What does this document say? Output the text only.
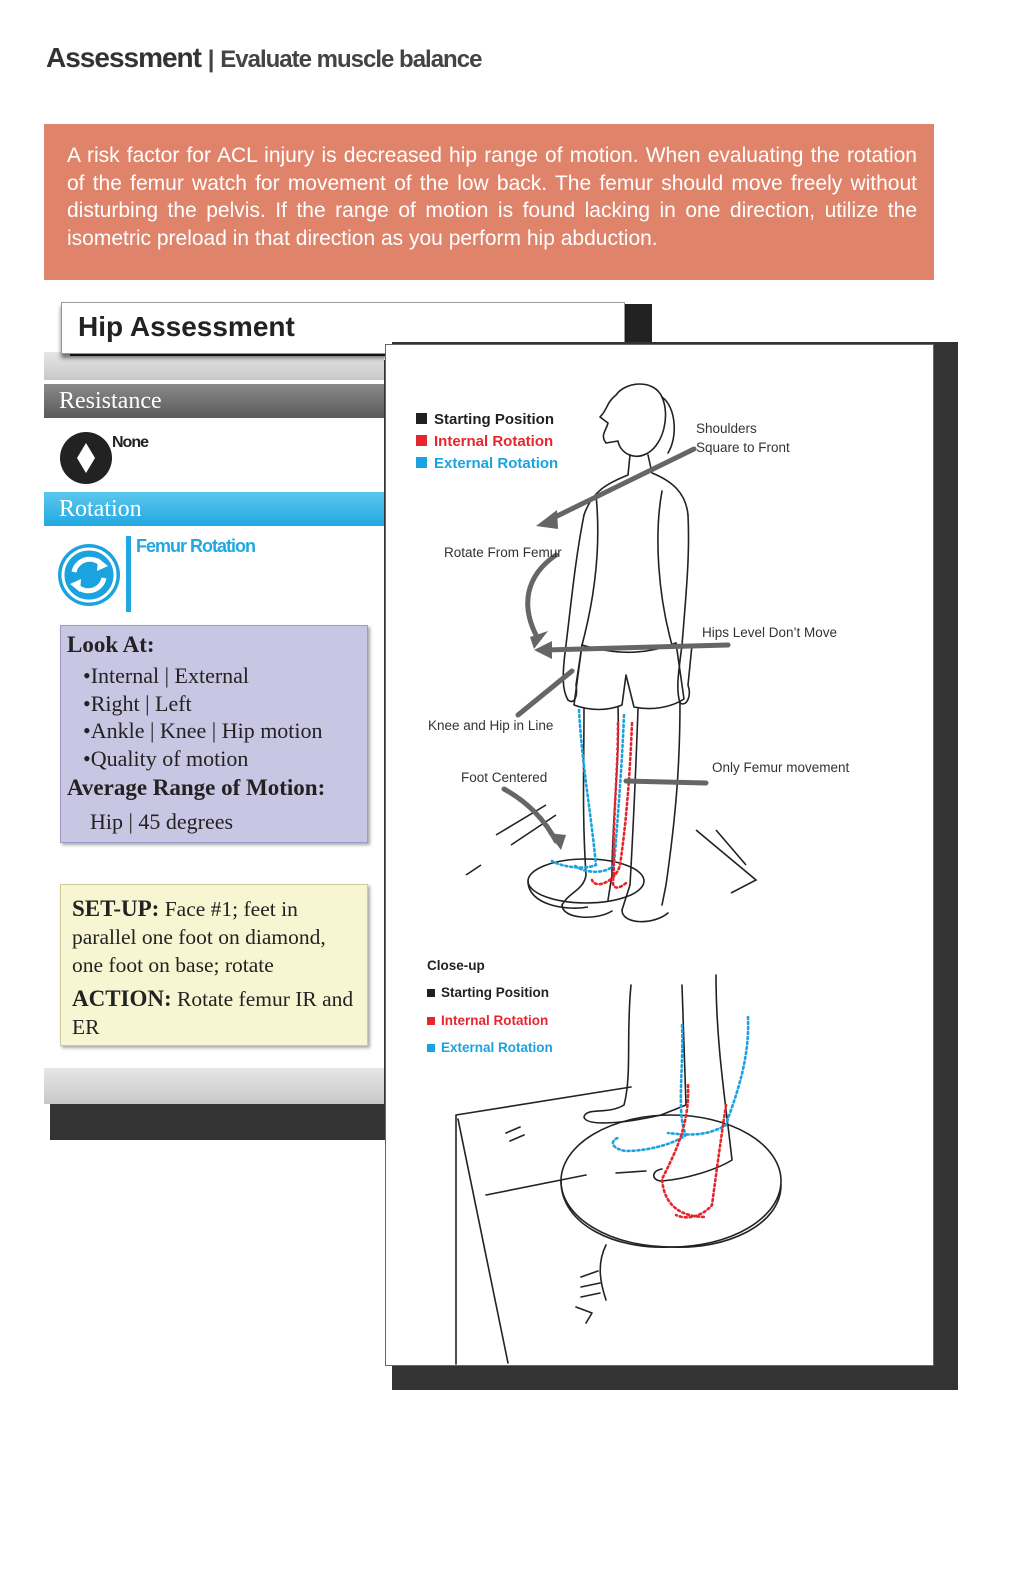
Assessment | Evaluate muscle balance

A risk factor for ACL injury is decreased hip range of motion. When evaluating the rotation of the femur watch for movement of the low back. The femur should move freely without disturbing the pelvis. If the range of motion is found lacking in one direction, utilize the isometric preload in that direction as you perform hip abduction.

Resistance
None
Rotation
Femur Rotation
Look At:
• Internal | External
• Right | Left
• Ankle | Knee | Hip motion
• Quality of motion
Average Range of Motion:
Hip | 45 degrees

SET-UP: Face #1; feet in parallel one foot on diamond, one foot on base; rotate

ACTION: Rotate femur IR and ER

Hip Assessment
Starting Position
Internal Rotation
External Rotation
Shoulders
Square to Front
Rotate From Femur
Hips Level Don’t Move
Knee and Hip in Line
Foot Centered
Only Femur movement
Close-up
Starting Position
Internal Rotation
External Rotation
